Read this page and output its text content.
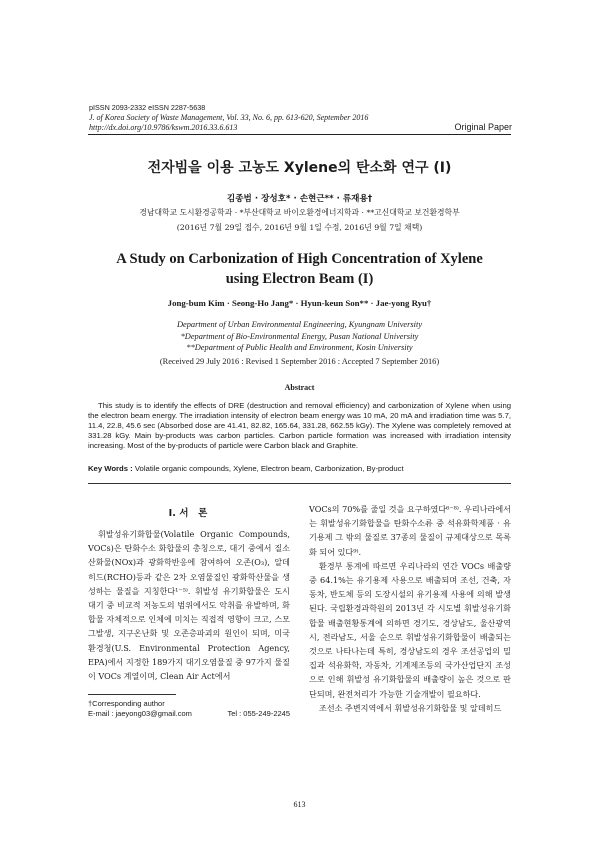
pISSN 2093-2332 eISSN 2287-5638
J. of Korea Society of Waste Management, Vol. 33, No. 6, pp. 613-620, September 2016
http://dx.doi.org/10.9786/kswm.2016.33.6.613	Original Paper
전자빔을 이용 고농도 Xylene의 탄소화 연구 (I)
김종범 · 장성호* · 손현근** · 류재용†
경남대학교 도시환경공학과 · *부산대학교 바이오환경에너지학과 · **고신대학교 보건환경학부
(2016년 7월 29일 접수, 2016년 9월 1일 수정, 2016년 9월 7일 채택)
A Study on Carbonization of High Concentration of Xylene
using Electron Beam (I)
Jong-bum Kim · Seong-Ho Jang* · Hyun-keun Son** · Jae-yong Ryu†
Department of Urban Environmental Engineering, Kyungnam University
*Department of Bio-Environmental Energy, Pusan National University
**Department of Public Health and Environment, Kosin University
(Received 29 July 2016 : Revised 1 September 2016 : Accepted 7 September 2016)
Abstract
This study is to identify the effects of DRE (destruction and removal efficiency) and carbonization of Xylene when using the electron beam energy. The irradiation intensity of electron beam energy was 10 mA, 20 mA and irradiation time was 5.7, 11.4, 22.8, 45.6 sec (Absorbed dose are 41.41, 82.82, 165.64, 331.28, 662.55 kGy). The Xylene was completely removed at 331.28 kGy. Main by-products was carbon particles. Carbon particle formation was increased with irradiation intensity increasing. Most of the by-products of particle were Carbon black and Graphite.
Key Words : Volatile organic compounds, Xylene, Electron beam, Carbonization, By-product
I. 서　론

휘발성유기화합물(Volatile Organic Compounds, VOCs)은 탄화수소 화합물의 총칭으로, 대기 중에서 질소산화물(NOx)과 광화학반응에 참여하여 오존(O₃), 알데히드(RCHO)등과 같은 2차 오염물질인 광화학산물을 생성하는 물질을 지칭한다¹⁻⁵⁾. 휘발성 유기화합물은 도시 대기 중 비교적 저농도의 범위에서도 악취를 유발하며, 화합물 자체적으로 인체에 미치는 직접적 영향이 크고, 스모그발생, 지구온난화 및 오존층파괴의 원인이 되며, 미국 환경청(U.S. Environmental Protection Agency, EPA)에서 지정한 189가지 대기오염물질 중 97가지 물질이 VOCs 계열이며, Clean Air Act에서

VOCs의 70%를 줄일 것을 요구하였다⁶⁻⁸⁾. 우리나라에서는 휘발성유기화합물을 탄화수소류 중 석유화학제품 · 유기용제 그 밖의 물질로 37종의 물질이 규제대상으로 목록화 되어 있다⁹⁾.

환경부 통계에 따르면 우리나라의 연간 VOCs 배출량 중 64.1%는 유기용제 사용으로 배출되며 조선, 건축, 자동차, 반도체 등의 도장시설의 유기용제 사용에 의해 발생된다. 국립환경과학원의 2013년 각 시도별 휘발성유기화합물 배출현황통계에 의하면 경기도, 경상남도, 울산광역시, 전라남도, 서울 순으로 휘발성유기화합물이 배출되는 것으로 나타나는데 특히, 경상남도의 경우 조선공업의 밀집과 석유화학, 자동차, 기계제조등의 국가산업단지 조성으로 인해 휘발성 유기화합물의 배출량이 높은 것으로 판단되며, 완전처리가 가능한 기술개발이 필요하다.

조선소 주변지역에서 휘발성유기화합물 및 알데히드

†Corresponding author
E-mail : jaeyong03@gmail.com	Tel : 055-249-2245
613
